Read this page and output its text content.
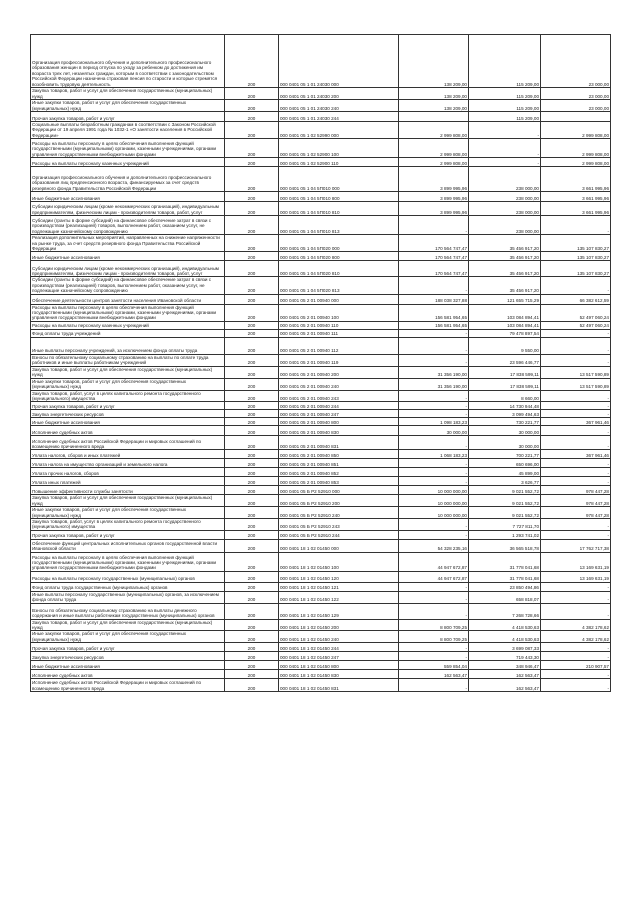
Организация профессионального обучения и дополнительного профессионального образования женщин в период отпуска по уходу за ребенком до достижения им возраста трех лет, незанятых граждан, которым в соответствии с законодательством Российской Федерации назначена страховая пенсия по старости и которые стремятся возобновить трудовую деятельность	200	000 0401 05 1 01 24030 000	138 209,00	115 209,00	23 000,00
Закупка товаров, работ и услуг для обеспечения государственных (муниципальных) нужд	200	000 0401 05 1 01 24030 200	138 209,00	115 209,00	23 000,00
Иные закупки товаров, работ и услуг для обеспечения государственных (муниципальных) нужд	200	000 0401 05 1 01 24030 240	138 209,00	115 209,00	23 000,00
Прочая закупка товаров, работ и услуг	200	000 0401 05 1 01 24030 244		115 209,00	
Социальные выплаты безработным гражданам в соответствии с Законом Российской Федерации от 19 апреля 1991 года № 1032-1 «О занятости населения в Российской Федерации»	200	000 0401 05 1 02 52990 000	2 999 808,00	-	2 999 808,00
Расходы на выплаты персоналу в целях обеспечения выполнения функций государственными (муниципальными) органами, казенными учреждениями, органами управления государственными внебюджетными фондами	200	000 0401 05 1 02 52900 100	2 999 808,00	-	2 999 808,00
Расходы на выплаты персоналу казенных учреждений	200	000 0401 05 1 02 52900 110	2 999 808,00	-	2 999 808,00
Организация профессионального обучения и дополнительного профессионального образования лиц предпенсионного возраста, финансируемых за счет средств резервного фонда Правительства Российской Федерации	200	000 0401 05 1 04 5П010 000	3 899 995,96	238 000,00	3 661 995,96
Иные бюджетные ассигнования	200	000 0401 05 1 04 5П010 800	3 899 995,96	238 000,00	3 661 995,96
Субсидии юридическим лицам (кроме некоммерческих организаций), индивидуальным предпринимателям, физическим лицам - производителям товаров, работ, услуг	200	000 0401 05 1 04 5П010 810	3 899 995,96	238 000,00	3 661 995,96
Субсидии (гранты в форме субсидий) на финансовое обеспечение затрат в связи с производством (реализацией) товаров, выполнением работ, оказанием услуг, не подлежащие казначейскому сопровождению	200	000 0401 05 1 04 5П010 813	-	238 000,00	-
Реализация дополнительных мероприятий, направленных на снижение напряженности на рынке труда, за счет средств резервного фонда Правительства Российской Федерации	200	000 0401 05 1 04 5П020 000	170 564 747,47	35 456 917,20	135 107 830,27
Иные бюджетные ассигнования	200	000 0401 05 1 04 5П020 800	170 564 747,47	35 456 917,20	135 107 830,27
Субсидии юридическим лицам (кроме некоммерческих организаций), индивидуальным предпринимателям, физическим лицам - производителям товаров, работ, услуг	200	000 0401 05 1 04 5П020 810	170 564 747,47	35 456 917,20	135 107 830,27
Субсидии (гранты в форме субсидий) на финансовое обеспечение затрат в связи с производством (реализацией) товаров, выполнением работ, оказанием услуг, не подлежащие казначейскому сопровождению	200	000 0401 05 1 04 5П020 813	-	35 456 917,20	-
Обеспечение деятельности центров занятости населения Ивановской области	200	000 0401 05 2 01 00940 000	188 038 327,88	121 655 715,29	66 382 612,59
Расходы на выплаты персоналу в целях обеспечения выполнения функций государственными (муниципальными) органами, казенными учреждениями, органами управления государственными внебюджетными фондами	200	000 0401 05 2 01 00940 100	156 581 954,65	103 084 894,41	52 497 060,24
Расходы на выплаты персоналу казенных учреждений	200	000 0401 05 2 01 00940 110	156 581 954,65	103 084 894,41	52 497 060,24
Фонд оплаты труда учреждений	200	000 0401 05 2 01 00940 111	-	79 478 897,54	-
Иные выплаты персоналу учреждений, за исключением фонда оплаты труда	200	000 0401 05 2 01 00940 112	-	9 550,00	-
Взносы по обязательному социальному страхованию на выплаты по оплате труда работников и иные выплаты работникам учреждений	200	000 0401 05 2 01 00940 119	-	23 596 446,77	-
Закупка товаров, работ и услуг для обеспечения государственных (муниципальных) нужд	200	000 0401 05 2 01 00940 200	31 356 190,00	17 838 599,11	13 517 590,89
Иные закупки товаров, работ и услуг для обеспечения государственных (муниципальных) нужд	200	000 0401 05 2 01 00940 240	31 356 190,00	17 838 599,11	13 517 590,89
Закупка товаров, работ, услуг в целях капитального ремонта государственного (муниципального) имущества	200	000 0401 05 2 01 00940 243	-	8 660,00	-
Прочая закупка товаров, работ и услуг	200	000 0401 05 2 01 00940 244	-	14 730 944,48	-
Закупка энергетических ресурсов	200	000 0401 05 2 01 00940 247	-	3 099 494,63	-
Иные бюджетные ассигнования	200	000 0401 05 2 01 00940 800	1 098 183,23	730 221,77	367 961,46
Исполнение судебных актов	200	000 0401 05 2 01 00940 830	30 000,00	30 000,00	-
Исполнение судебных актов Российской Федерации и мировых соглашений по возмещению причиненного вреда	200	000 0401 05 2 01 00940 831	-	30 000,00	-
Уплата налогов, сборов и иных платежей	200	000 0401 05 2 01 00940 850	1 068 183,23	700 221,77	367 961,46
Уплата налога на имущество организаций и земельного налога	200	000 0401 05 2 01 00940 851	-	650 696,00	-
Уплата прочих налогов, сборов	200	000 0401 05 2 01 00940 852	-	45 899,00	-
Уплата иных платежей	200	000 0401 05 2 01 00940 853	-	3 626,77	-
Повышение эффективности службы занятости	200	000 0401 05 Б Р2 52910 000	10 000 000,00	9 021 552,72	978 447,28
Закупка товаров, работ и услуг для обеспечения государственных (муниципальных) нужд	200	000 0401 05 Б Р2 52910 200	10 000 000,00	9 021 552,72	978 447,28
Иные закупки товаров, работ и услуг для обеспечения государственных (муниципальных) нужд	200	000 0401 05 Б Р2 52910 240	10 000 000,00	9 021 552,72	978 447,28
Закупка товаров, работ, услуг в целях капитального ремонта государственного (муниципального) имущества	200	000 0401 05 Б Р2 52910 243	-	7 727 811,70	-
Прочая закупка товаров, работ и услуг	200	000 0401 05 Б Р2 52910 244	-	1 293 741,02	-
Обеспечение функций центральных исполнительных органов государственной власти Ивановской области	200	000 0401 18 1 02 01450 000	54 328 235,16	36 565 518,78	17 762 717,38
Расходы на выплаты персоналу в целях обеспечения выполнения функций государственными (муниципальными) органами, казенными учреждениями, органами управления государственными внебюджетными фондами	200	000 0401 18 1 02 01450 100	44 947 672,87	31 778 041,68	13 169 631,19
Расходы на выплаты персоналу государственных (муниципальных) органов	200	000 0401 18 1 02 01450 120	44 947 672,87	31 778 041,68	13 169 631,19
Фонд оплаты труда государственных (муниципальных) органов	200	000 0401 18 1 02 01450 121	-	23 850 494,86	-
Иные выплаты персоналу государственных (муниципальных) органов, за исключением фонда оплаты труда	200	000 0401 18 1 02 01450 122	-	658 818,07	-
Взносы по обязательному социальному страхованию на выплаты денежного содержания и иные выплаты работникам государственных (муниципальных) органов	200	000 0401 18 1 02 01450 129	-	7 268 728,66	-
Закупка товаров, работ и услуг для обеспечения государственных (муниципальных) нужд	200	000 0401 18 1 02 01450 200	8 800 709,25	4 418 530,63	4 382 178,62
Иные закупки товаров, работ и услуг для обеспечения государственных (муниципальных) нужд	200	000 0401 18 1 02 01450 240	8 800 709,25	4 418 530,63	4 382 178,62
Прочая закупка товаров, работ и услуг	200	000 0401 18 1 02 01450 244	-	3 699 087,33	-
Закупка энергетических ресурсов	200	000 0401 18 1 02 01450 247	-	719 443,30	-
Иные бюджетные ассигнования	200	000 0401 18 1 02 01450 800	559 854,04	348 946,47	210 907,57
Исполнение судебных актов	200	000 0401 18 1 02 01450 830	162 563,47	162 563,47	-
Исполнение судебных актов Российской Федерации и мировых соглашений по возмещению причиненного вреда	200	000 0401 18 1 02 01450 831	-	162 563,47	-
